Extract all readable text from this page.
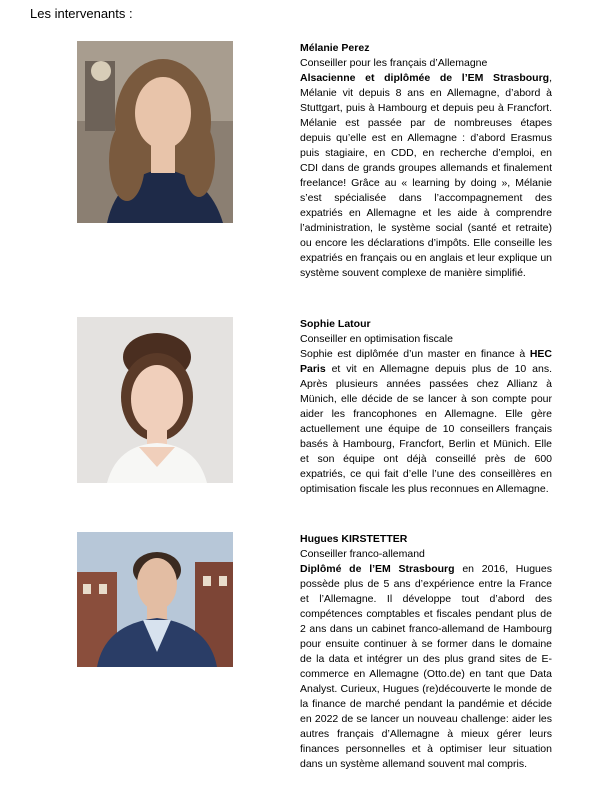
Les intervenants :

Mélanie Perez

Conseiller pour les français d’Allemagne

Alsacienne et diplômée de l’EM Strasbourg, Mélanie vit depuis 8 ans en Allemagne, d’abord à Stuttgart, puis à Hambourg et depuis peu à Francfort. Mélanie est passée par de nombreuses étapes depuis qu’elle est en Allemagne : d’abord Erasmus puis stagiaire, en CDD, en recherche d’emploi, en CDI dans de grands groupes allemands et finalement freelance! Grâce au « learning by doing », Mélanie s’est spécialisée dans l’accompagnement des expatriés en Allemagne et les aide à comprendre l’administration, le système social (santé et retraite) ou encore les déclarations d’impôts. Elle conseille les expatriés en français ou en anglais et leur explique un système souvent complexe de manière simplifié.

Sophie Latour

Conseiller en optimisation fiscale

Sophie est diplômée d’un master en finance à HEC Paris et vit en Allemagne depuis plus de 10 ans. Après plusieurs années passées chez Allianz à Münich, elle décide de se lancer à son compte pour aider les francophones en Allemagne. Elle gère actuellement une équipe de 10 conseillers français basés à Hambourg, Francfort, Berlin et Münich. Elle et son équipe ont déjà conseillé près de 600 expatriés, ce qui fait d’elle l’une des conseillères en optimisation fiscale les plus reconnues en Allemagne.

Hugues KIRSTETTER

Conseiller franco-allemand

Diplômé de l’EM Strasbourg en 2016, Hugues possède plus de 5 ans d’expérience entre la France et l’Allemagne. Il développe tout d’abord des compétences comptables et fiscales pendant plus de 2 ans dans un cabinet franco-allemand de Hambourg pour ensuite continuer à se former dans le domaine de la data et intégrer un des plus grand sites de E-commerce en Allemagne (Otto.de) en tant que Data Analyst. Curieux, Hugues (re)découverte le monde de la finance de marché pendant la pandémie et décide en 2022 de se lancer un nouveau challenge: aider les autres français d’Allemagne à mieux gérer leurs finances personnelles et à optimiser leur situation dans un système allemand souvent mal compris.
